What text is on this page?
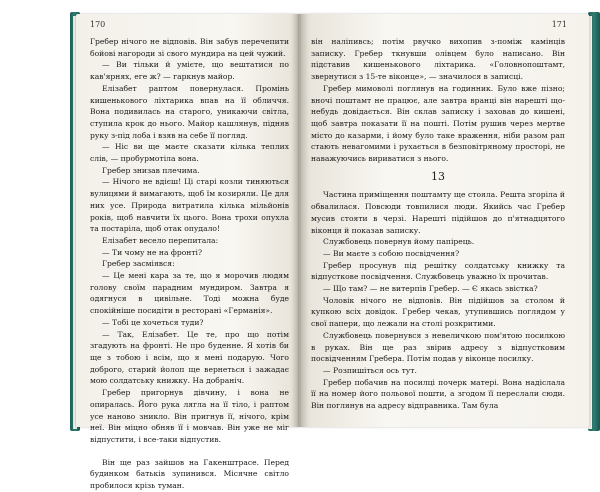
170

Гребер нічого не відповів. Він забув перечепити бойові нагороди зі свого мундира на цей чужий.

— Ви тільки й умієте, що вештатися по кав'ярнях, еге ж? — гаркнув майор.

Елізабет раптом повернулася. Промінь кишенькового ліхтарика впав на її обличчя. Вона подивилась на старого, уникаючи світла, ступила крок до нього. Майор кашлянув, підняв руку з-під лоба і взяв на себе її погляд.

— Ніс ви ще маєте сказати кілька теплих слів, — пробурмотіла вона.

Гребер знизав плечима.

— Нічого не вдієш! Ці старі козли тиняються вулицями й вимагають, щоб їм козиряли. Це для них усе. Природа витратила кілька мільйонів років, щоб навчити їх цього. Вона трохи опухла та постаріла, щоб отак опудало!

Елізабет весело перепитала:

— Ти чому не на фронті?

Гребер засміявся:

— Це мені кара за те, що я морочив людям голову своїм парадним мундиром. Завтра я одягнуся в цивільне. Тоді можна буде спокійніше посидіти в ресторані «Германія».

— Тобі це хочеться туди?

— Так, Елізабет. Це те, про що потім згадують на фронті. Не про буденне. Я хотів би ще з тобою і всім, що я мені подарую. Чого доброго, старий йолоп ще вернеться і зажадає мою солдатську книжку. На добраніч.

Гребер пригорнув дівчину, і вона не опиралась. Його рука лягла на її тіло, і раптом усе наново зникло. Він пригнув її, нічого, крім неї. Він міцно обняв її і мовчав. Він уже не міг відпустити, і все-таки відпустив.

Він ще раз зайшов на Гакенштрасе. Перед будинком батьків зупинився. Місячне світло пробилося крізь туман.

171

він наліпивсь; потім рвучко вихопив з-поміж камінців записку. Гребер ткнувши олівцем було написано. Він підставив кишенькового ліхтарика. «Головнопоштамт, звернутися з 15-те віконце», — значилося в записці.

Гребер мимоволі поглянув на годинник. Було вже пізно; вночі поштамт не працює, але завтра вранці він нарешті що-небудь довідається. Він склав записку і заховав до кишені, щоб завтра показати її на пошті. Потім рушив через мертве місто до казарми, і йому було таке враження, ніби разом рап стають невагомими і рухається в безповітряному просторі, не наважуючись вириватися з нього.

13

Частина приміщення поштамту ще стояла. Решта згоріла й обвалилася. Повсюди товпилися люди. Якийсь час Гребер мусив стояти в черзі. Нарешті підійшов до п'ятнадцятого віконця й показав записку.

Службовець повернув йому папірець.

— Ви маєте з собою посвідчення?

Гребер просунув під решітку солдатську книжку та відпусткове посвідчення. Службовець уважно їх прочитав.

— Що там? — не витерпів Гребер. — Є якась звістка?

Чоловік нічого не відповів. Він підійшов за столом й купкою всіх довідок. Гребер чекав, утупившись поглядом у свої папери, що лежали на столі розкритими.

Службовець повернувся з невеличкою пом'ятою посилкою в руках. Він ще раз звірив адресу з відпустковим посвідченням Гребера. Потім подав у віконце посилку.

— Розпишіться ось тут.

Гребер побачив на посилці почерк матері. Вона надіслала її на номер його польової пошти, а згодом її переслали сюди. Він поглянув на адресу відправника. Там була
